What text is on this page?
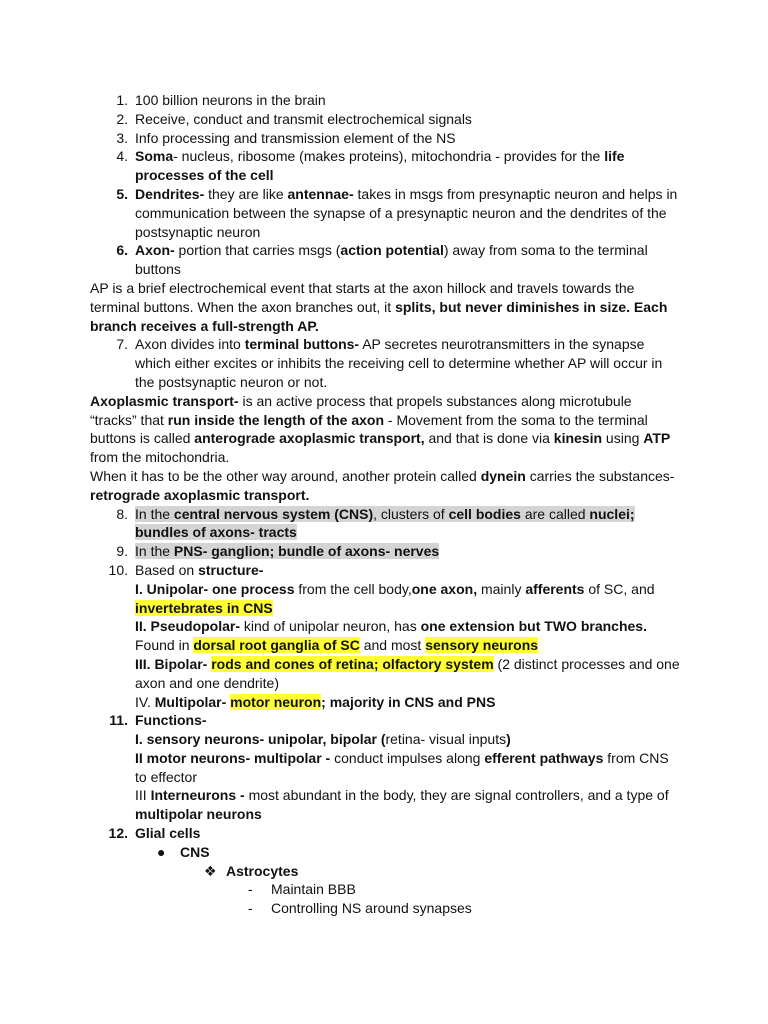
1. 100 billion neurons in the brain
2. Receive, conduct and transmit electrochemical signals
3. Info processing and transmission element of the NS
4. Soma- nucleus, ribosome (makes proteins), mitochondria - provides for the life processes of the cell
5. Dendrites- they are like antennae- takes in msgs from presynaptic neuron and helps in communication between the synapse of a presynaptic neuron and the dendrites of the postsynaptic neuron
6. Axon- portion that carries msgs (action potential) away from soma to the terminal buttons
AP is a brief electrochemical event that starts at the axon hillock and travels towards the terminal buttons. When the axon branches out, it splits, but never diminishes in size. Each branch receives a full-strength AP.
7. Axon divides into terminal buttons- AP secretes neurotransmitters in the synapse which either excites or inhibits the receiving cell to determine whether AP will occur in the postsynaptic neuron or not.
Axoplasmic transport- is an active process that propels substances along microtubule “tracks” that run inside the length of the axon - Movement from the soma to the terminal buttons is called anterograde axoplasmic transport, and that is done via kinesin using ATP from the mitochondria.
When it has to be the other way around, another protein called dynein carries the substances- retrograde axoplasmic transport.
8. In the central nervous system (CNS), clusters of cell bodies are called nuclei; bundles of axons- tracts
9. In the PNS- ganglion; bundle of axons- nerves
10. Based on structure-
I. Unipolar- one process from the cell body,one axon, mainly afferents of SC, and invertebrates in CNS
II. Pseudopolar- kind of unipolar neuron, has one extension but TWO branches.
Found in dorsal root ganglia of SC and most sensory neurons
III. Bipolar- rods and cones of retina; olfactory system (2 distinct processes and one axon and one dendrite)
IV. Multipolar- motor neuron; majority in CNS and PNS
11. Functions-
I. sensory neurons- unipolar, bipolar (retina- visual inputs)
II motor neurons- multipolar - conduct impulses along efferent pathways from CNS to effector
III Interneurons - most abundant in the body, they are signal controllers, and a type of multipolar neurons
12. Glial cells
●	CNS
❖ Astrocytes
-	Maintain BBB
-	Controlling NS around synapses
